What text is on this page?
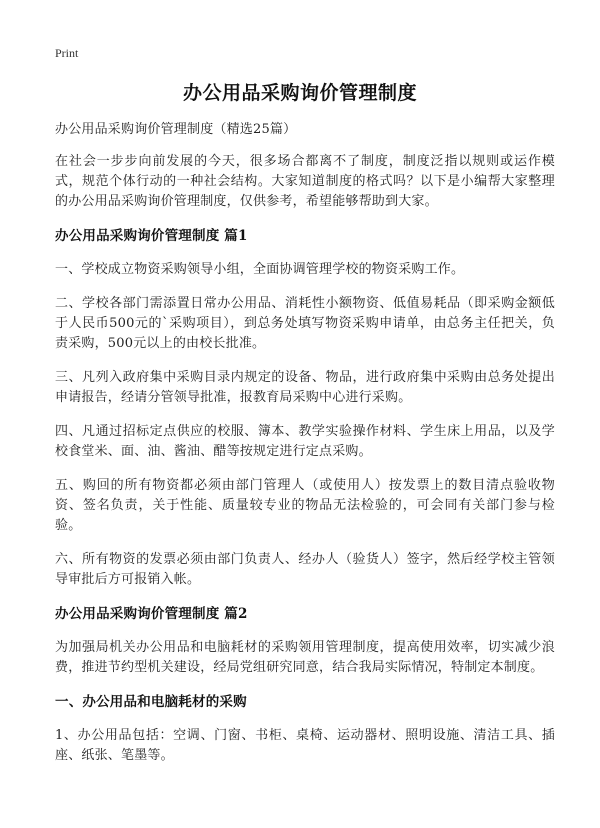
Print
办公用品采购询价管理制度

办公用品采购询价管理制度（精选25篇）

在社会一步步向前发展的今天，很多场合都离不了制度，制度泛指以规则或运作模式，规范个体行动的一种社会结构。大家知道制度的格式吗？以下是小编帮大家整理的办公用品采购询价管理制度，仅供参考，希望能够帮助到大家。

办公用品采购询价管理制度 篇1

一、学校成立物资采购领导小组，全面协调管理学校的物资采购工作。

二、学校各部门需添置日常办公用品、消耗性小额物资、低值易耗品（即采购金额低于人民币500元的`采购项目），到总务处填写物资采购申请单，由总务主任把关，负责采购，500元以上的由校长批准。

三、凡列入政府集中采购目录内规定的设备、物品，进行政府集中采购由总务处提出申请报告，经请分管领导批准，报教育局采购中心进行采购。

四、凡通过招标定点供应的校服、簿本、教学实验操作材料、学生床上用品，以及学校食堂米、面、油、酱油、醋等按规定进行定点采购。

五、购回的所有物资都必须由部门管理人（或使用人）按发票上的数目清点验收物资、签名负责，关于性能、质量较专业的物品无法检验的，可会同有关部门参与检验。

六、所有物资的发票必须由部门负责人、经办人（验货人）签字，然后经学校主管领导审批后方可报销入帐。

办公用品采购询价管理制度 篇2

为加强局机关办公用品和电脑耗材的采购领用管理制度，提高使用效率，切实减少浪费，推进节约型机关建设，经局党组研究同意，结合我局实际情况，特制定本制度。

一、办公用品和电脑耗材的采购

1、办公用品包括：空调、门窗、书柜、桌椅、运动器材、照明设施、清洁工具、插座、纸张、笔墨等。
